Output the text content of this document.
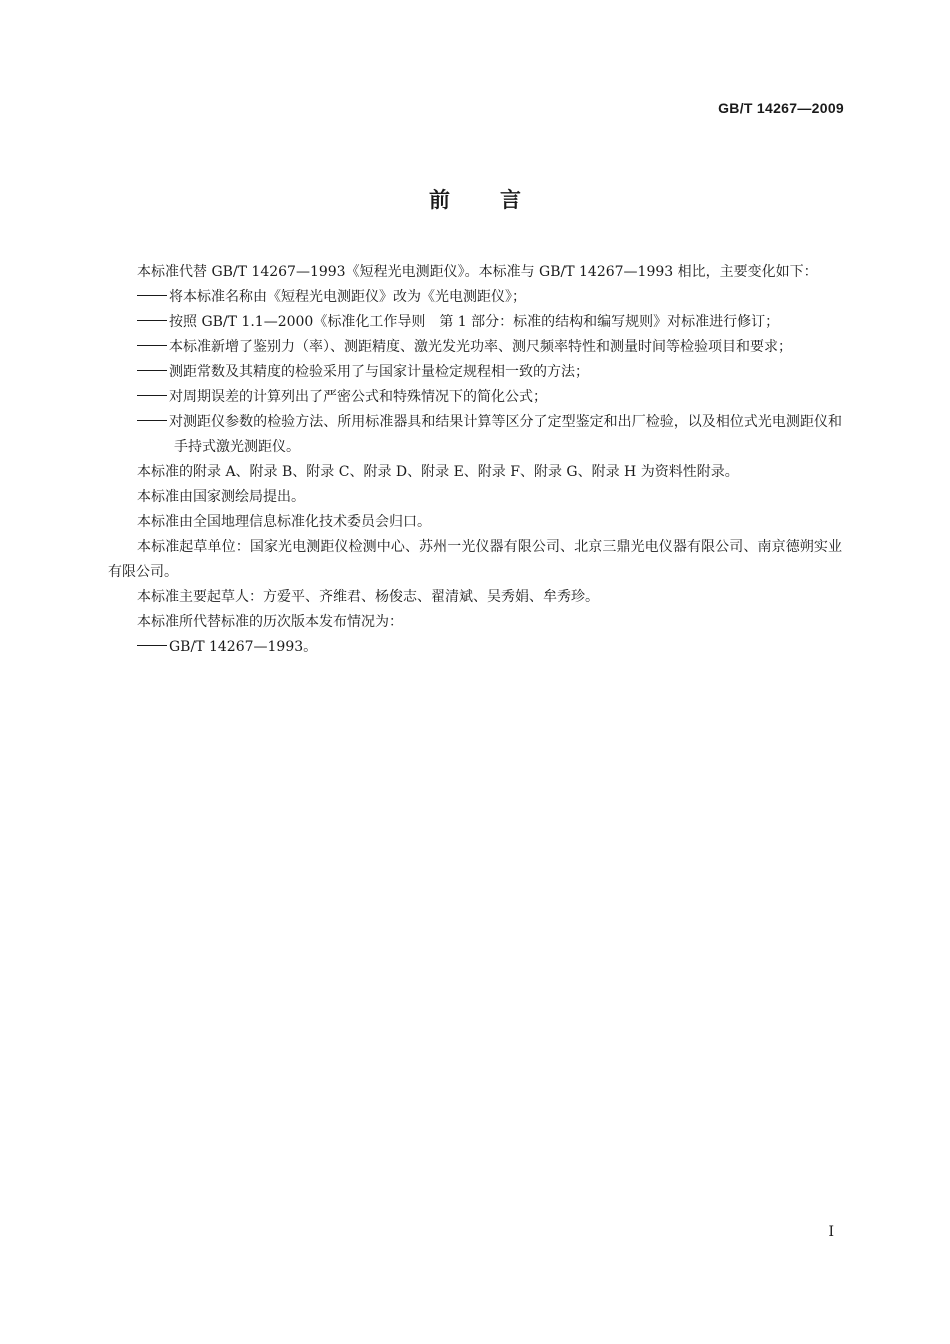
GB/T 14267—2009
前言

本标准代替 GB/T 14267—1993《短程光电测距仪》。本标准与 GB/T 14267—1993 相比，主要变化如下：

将本标准名称由《短程光电测距仪》改为《光电测距仪》；
按照 GB/T 1.1—2000《标准化工作导则　第 1 部分：标准的结构和编写规则》对标准进行修订；
本标准新增了鉴别力（率）、测距精度、激光发光功率、测尺频率特性和测量时间等检验项目和要求；
测距常数及其精度的检验采用了与国家计量检定规程相一致的方法；
对周期误差的计算列出了严密公式和特殊情况下的简化公式；
对测距仪参数的检验方法、所用标准器具和结果计算等区分了定型鉴定和出厂检验，以及相位式光电测距仪和手持式激光测距仪。

本标准的附录 A、附录 B、附录 C、附录 D、附录 E、附录 F、附录 G、附录 H 为资料性附录。

本标准由国家测绘局提出。

本标准由全国地理信息标准化技术委员会归口。

本标准起草单位：国家光电测距仪检测中心、苏州一光仪器有限公司、北京三鼎光电仪器有限公司、南京德朔实业有限公司。

本标准主要起草人：方爱平、齐维君、杨俊志、翟清斌、吴秀娟、牟秀珍。

本标准所代替标准的历次版本发布情况为：

GB/T 14267—1993。
I
